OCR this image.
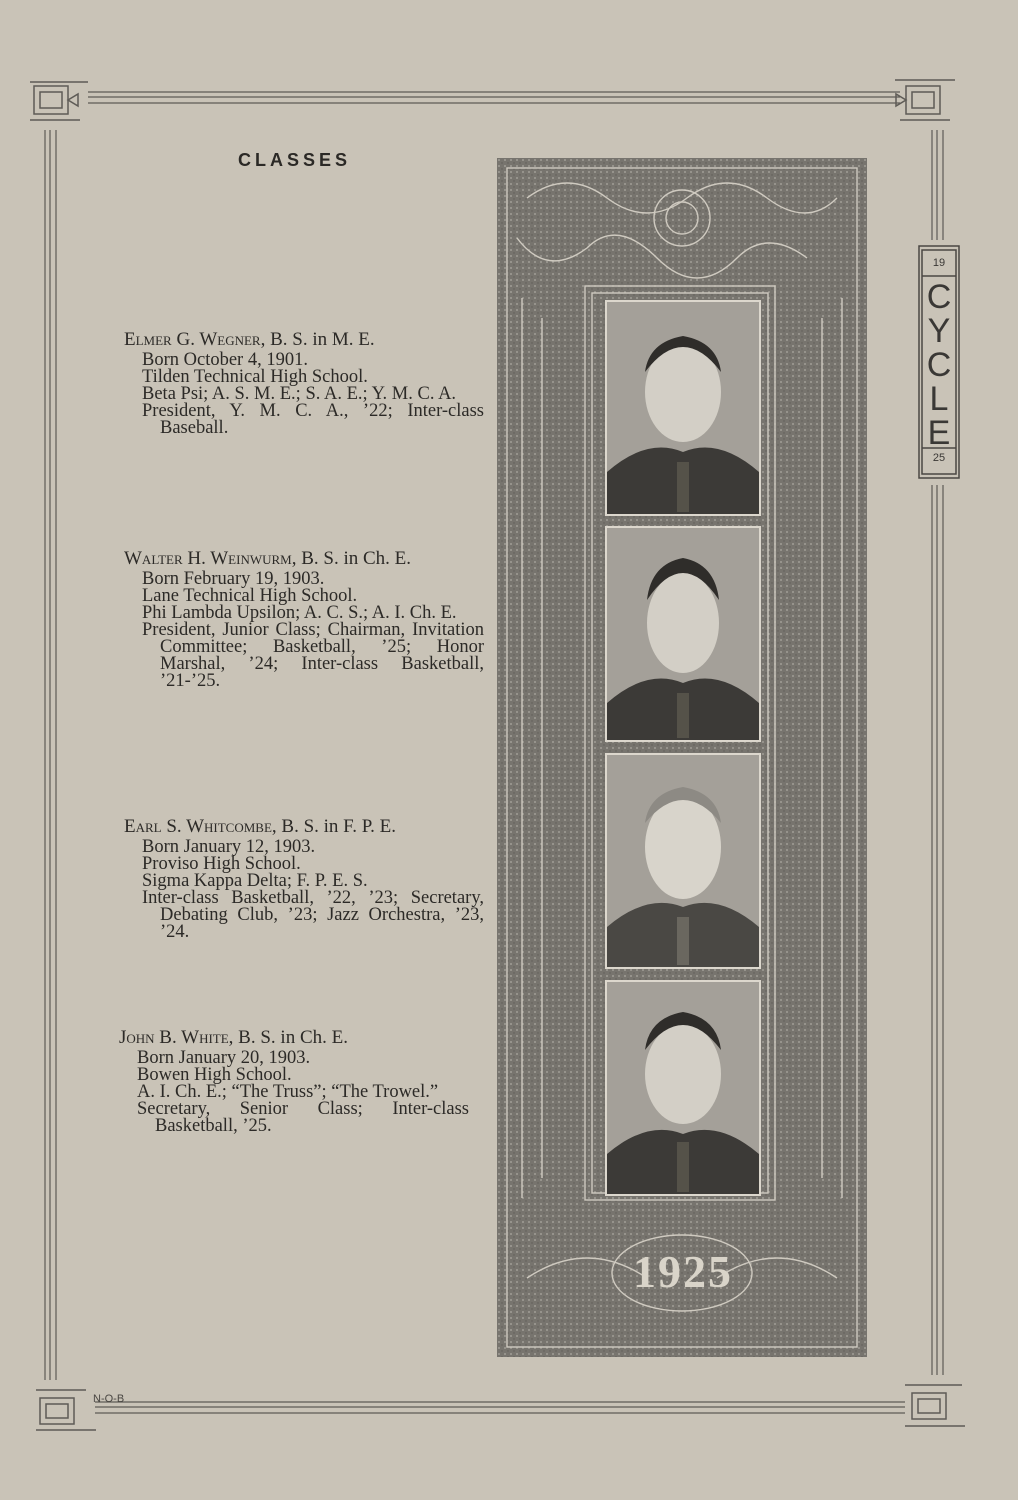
CLASSES

Elmer G. Wegner, B. S. in M. E.

Born October 4, 1901.

Tilden Technical High School.

Beta Psi; A. S. M. E.; S. A. E.; Y. M. C. A.

President, Y. M. C. A., ’22; Inter-class Baseball.

Walter H. Weinwurm, B. S. in Ch. E.

Born February 19, 1903.

Lane Technical High School.

Phi Lambda Upsilon; A. C. S.; A. I. Ch. E.

President, Junior Class; Chairman, Invitation Committee; Basketball, ’25; Honor Marshal, ’24; Inter-class Basketball, ’21-’25.

Earl S. Whitcombe, B. S. in F. P. E.

Born January 12, 1903.

Proviso High School.

Sigma Kappa Delta; F. P. E. S.

Inter-class Basketball, ’22, ’23; Secretary, Debating Club, ’23; Jazz Orchestra, ’23, ’24.

John B. White, B. S. in Ch. E.

Born January 20, 1903.

Bowen High School.

A. I. Ch. E.; “The Truss”; “The Trowel.”

Secretary, Senior Class; Inter-class Basketball, ’25.

1925
19
C
Y
C
L
E
25
N-O-B
